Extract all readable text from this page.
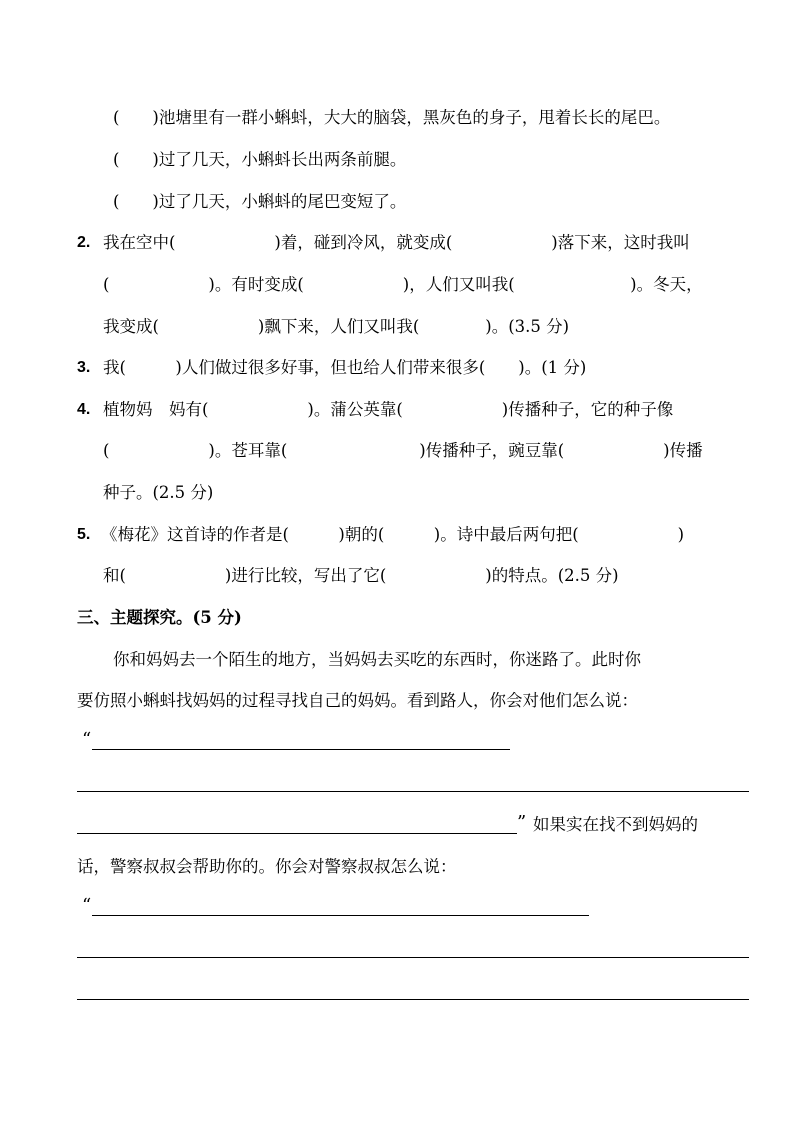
(　　)池塘里有一群小蝌蚪，大大的脑袋，黑灰色的身子，甩着长长的尾巴。
(　　)过了几天，小蝌蚪长出两条前腿。
(　　)过了几天，小蝌蚪的尾巴变短了。
2. 我在空中(　　　　　　)着，碰到冷风，就变成(　　　　　　)落下来，这时我叫
(　　　　　　)。有时变成(　　　　　　)，人们又叫我(　　　　　　　)。冬天，
我变成(　　　　　　)飘下来，人们又叫我(　　　　)。(3.5 分)
3. 我(　　　)人们做过很多好事，但也给人们带来很多(　　)。(1 分)
4. 植物妈　妈有(　　　　　　)。蒲公英靠(　　　　　　)传播种子，它的种子像
(　　　　　　)。苍耳靠(　　　　　　　　)传播种子，豌豆靠(　　　　　　)传播
种子。(2.5 分)
5. 《梅花》这首诗的作者是(　　　)朝的(　　　)。诗中最后两句把(　　　　　　)
和(　　　　　　)进行比较，写出了它(　　　　　　)的特点。(2.5 分)
三、主题探究。(5 分)
你和妈妈去一个陌生的地方，当妈妈去买吃的东西时，你迷路了。此时你
要仿照小蝌蚪找妈妈的过程寻找自己的妈妈。看到路人，你会对他们怎么说：
“
” 如果实在找不到妈妈的
话，警察叔叔会帮助你的。你会对警察叔叔怎么说：
“
